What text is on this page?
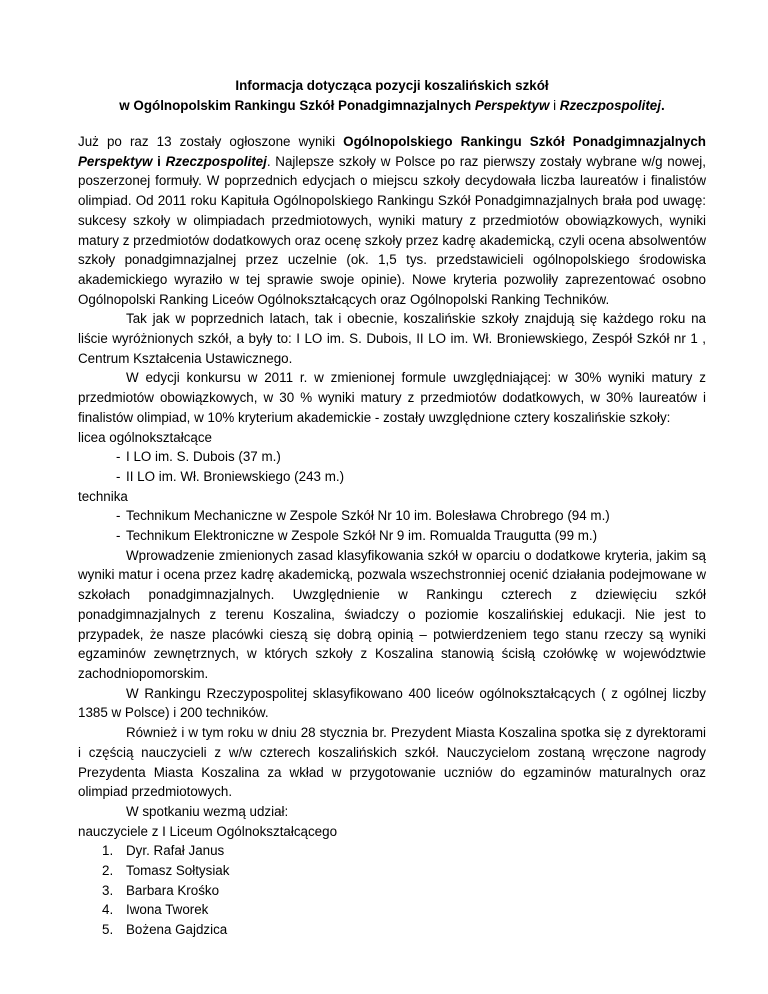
Informacja dotycząca pozycji koszalińskich szkół
w Ogólnopolskim Rankingu Szkół Ponadgimnazjalnych Perspektyw i Rzeczpospolitej.

Już po raz 13 zostały ogłoszone wyniki Ogólnopolskiego Rankingu Szkół Ponadgimnazjalnych Perspektyw i Rzeczpospolitej. Najlepsze szkoły w Polsce po raz pierwszy zostały wybrane w/g nowej, poszerzonej formuły. W poprzednich edycjach o miejscu szkoły decydowała liczba laureatów i finalistów olimpiad. Od 2011 roku Kapituła Ogólnopolskiego Rankingu Szkół Ponadgimnazjalnych brała pod uwagę: sukcesy szkoły w olimpiadach przedmiotowych, wyniki matury z przedmiotów obowiązkowych, wyniki matury z przedmiotów dodatkowych oraz ocenę szkoły przez kadrę akademicką, czyli ocena absolwentów szkoły ponadgimnazjalnej przez uczelnie (ok. 1,5 tys. przedstawicieli ogólnopolskiego środowiska akademickiego wyraziło w tej sprawie swoje opinie). Nowe kryteria pozwoliły zaprezentować osobno Ogólnopolski Ranking Liceów Ogólnokształcących oraz Ogólnopolski Ranking Techników.

Tak jak w poprzednich latach, tak i obecnie, koszalińskie szkoły znajdują się każdego roku na liście wyróżnionych szkół, a były to: I LO im. S. Dubois, II LO im. Wł. Broniewskiego, Zespół Szkół nr 1 , Centrum Kształcenia Ustawicznego.

W edycji konkursu w 2011 r. w zmienionej formule uwzględniającej: w 30% wyniki matury z przedmiotów obowiązkowych, w 30 % wyniki matury z przedmiotów dodatkowych, w 30% laureatów i finalistów olimpiad, w 10% kryterium akademickie - zostały uwzględnione cztery koszalińskie szkoły:

licea ogólnokształcące
- I LO im. S. Dubois (37 m.)
- II LO im. Wł. Broniewskiego (243 m.)
technika
- Technikum Mechaniczne w Zespole Szkół Nr 10 im. Bolesława Chrobrego (94 m.)
- Technikum Elektroniczne w Zespole Szkół Nr 9 im. Romualda Traugutta (99 m.)

Wprowadzenie zmienionych zasad klasyfikowania szkół w oparciu o dodatkowe kryteria, jakim są wyniki matur i ocena przez kadrę akademicką, pozwala wszechstronniej ocenić działania podejmowane w szkołach ponadgimnazjalnych. Uwzględnienie w Rankingu czterech z dziewięciu szkół ponadgimnazjalnych z terenu Koszalina, świadczy o poziomie koszalińskiej edukacji. Nie jest to przypadek, że nasze placówki cieszą się dobrą opinią – potwierdzeniem tego stanu rzeczy są wyniki egzaminów zewnętrznych, w których szkoły z Koszalina stanowią ścisłą czołówkę w województwie zachodniopomorskim.

W Rankingu Rzeczypospolitej sklasyfikowano 400 liceów ogólnokształcących ( z ogólnej liczby 1385 w Polsce) i 200 techników.

Również i w tym roku w dniu 28 stycznia br. Prezydent Miasta Koszalina spotka się z dyrektorami i częścią nauczycieli z w/w czterech koszalińskich szkół. Nauczycielom zostaną wręczone nagrody Prezydenta Miasta Koszalina za wkład w przygotowanie uczniów do egzaminów maturalnych oraz olimpiad przedmiotowych.

W spotkaniu wezmą udział:

nauczyciele z I Liceum Ogólnokształcącego
1. Dyr. Rafał Janus
2. Tomasz Sołtysiak
3. Barbara Krośko
4. Iwona Tworek
5. Bożena Gajdzica
